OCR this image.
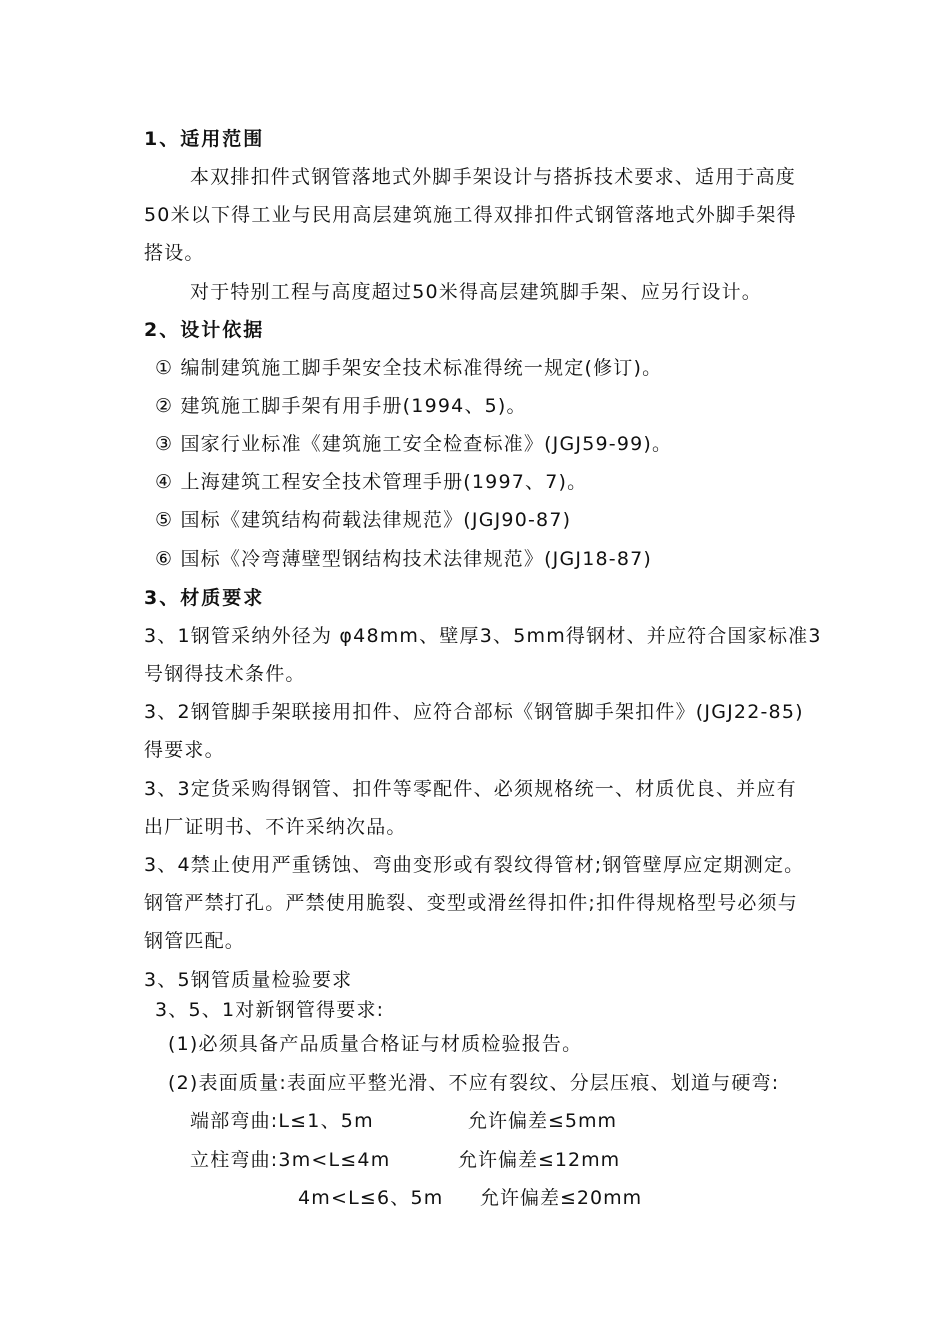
1、适用范围
本双排扣件式钢管落地式外脚手架设计与搭拆技术要求、适用于高度
50米以下得工业与民用高层建筑施工得双排扣件式钢管落地式外脚手架得
搭设。
对于特别工程与高度超过50米得高层建筑脚手架、应另行设计。
2、设计依据
① 编制建筑施工脚手架安全技术标准得统一规定(修订)。
② 建筑施工脚手架有用手册(1994、5)。
③ 国家行业标准《建筑施工安全检查标准》(JGJ59-99)。
④ 上海建筑工程安全技术管理手册(1997、7)。
⑤ 国标《建筑结构荷载法律规范》(JGJ90-87)
⑥ 国标《冷弯薄壁型钢结构技术法律规范》(JGJ18-87)
3、材质要求
3、1钢管采纳外径为 φ48mm、壁厚3、5mm得钢材、并应符合国家标准3
号钢得技术条件。
3、2钢管脚手架联接用扣件、应符合部标《钢管脚手架扣件》(JGJ22-85)
得要求。
3、3定货采购得钢管、扣件等零配件、必须规格统一、材质优良、并应有
出厂证明书、不许采纳次品。
3、4禁止使用严重锈蚀、弯曲变形或有裂纹得管材;钢管壁厚应定期测定。
钢管严禁打孔。严禁使用脆裂、变型或滑丝得扣件;扣件得规格型号必须与
钢管匹配。
3、5钢管质量检验要求
3、5、1对新钢管得要求:
(1)必须具备产品质量合格证与材质检验报告。
(2)表面质量:表面应平整光滑、不应有裂纹、分层压痕、划道与硬弯:
端部弯曲:L≤1、5m	允许偏差≤5mm
立柱弯曲:3m<L≤4m	允许偏差≤12mm
4m<L≤6、5m 允许偏差≤20mm
